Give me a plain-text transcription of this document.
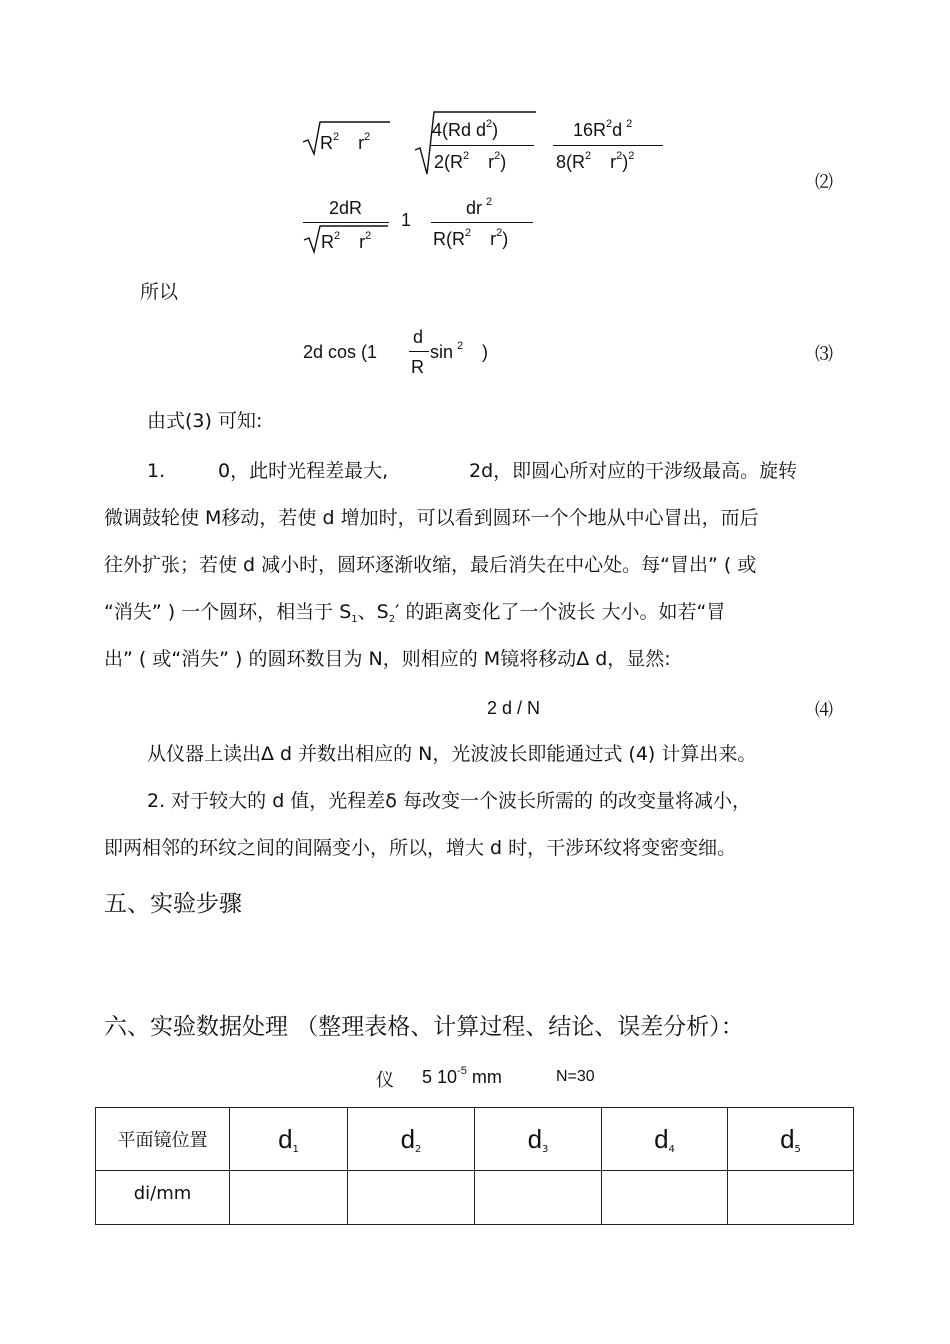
$R^2$ $r^2$	4(Rd $d^2$)
$2(R^2$ $r^2$)
$16R^2d$ $^2$
$8(R^2$ $r^2)^2$
⑵
2dR
$R^2$ $r^2$
1
dr $^2$
$R(R^2$ $r^2$)
所以
2d cos (1
d
R
sin $^2$ )	⑶
由式(3) 可知:
1.	0，此时光程差最大,	2d，即圆心所对应的干涉级最高。旋转
微调鼓轮使 M移动，若使 d 增加时，可以看到圆环一个个地从中心冒出，而后
往外扩张；若使 d 减小时，圆环逐渐收缩，最后消失在中心处。每“冒出” ( 或
“消失” ) 一个圆环，相当于 $S_1$、$S_2'$ 的距离变化了一个波长 大小。如若“冒
出” ( 或“消失” ) 的圆环数目为 N，则相应的 M镜将移动Δ d，显然:
2 d / N	⑷
从仪器上读出Δ d 并数出相应的 N，光波波长即能通过式 (4) 计算出来。
2. 对于较大的 d 值，光程差δ 每改变一个波长所需的 的改变量将减小，
即两相邻的环纹之间的间隔变小，所以，增大 d 时，干涉环纹将变密变细。
五、实验步骤
六、实验数据处理 （整理表格、计算过程、结论、误差分析）：
仪 5 $10^{-5}$ mm	N=30
平面镜位置	$d_1$	$d_2$	$d_3$	$d_4$	$d_5$
di/mm					
